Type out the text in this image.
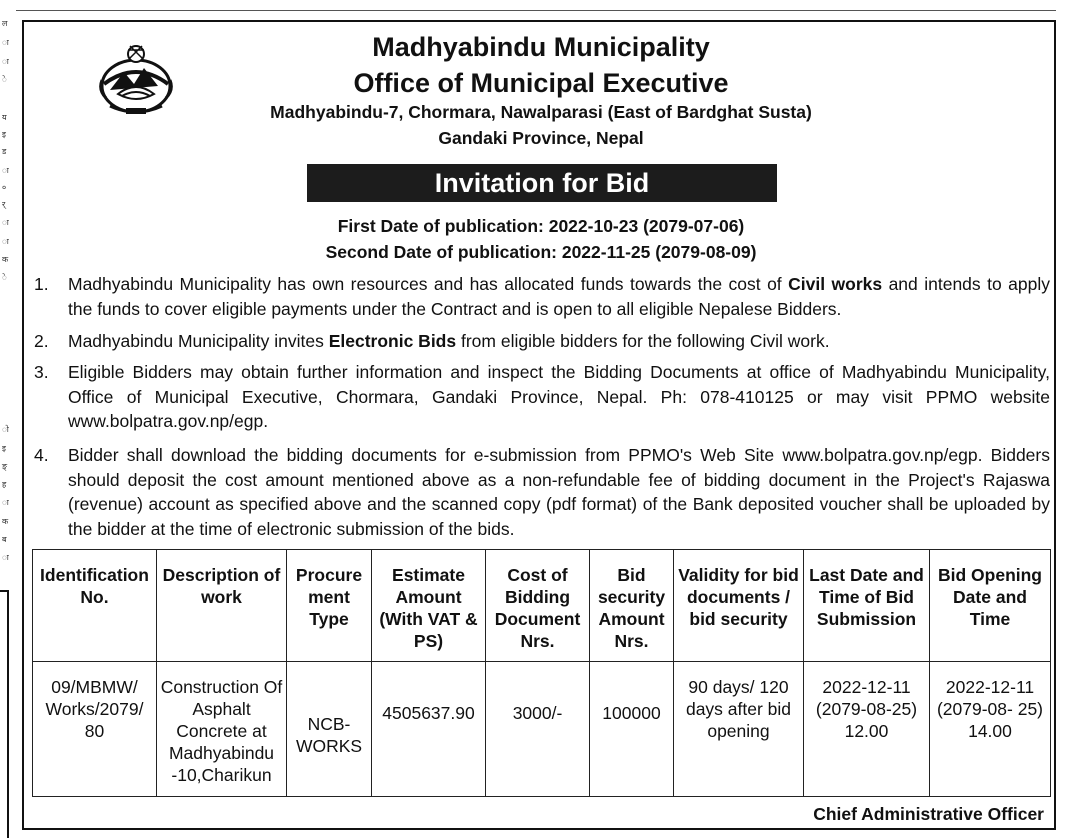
ल
ा
ा
े
य
इ
ड
ा
०
र्
ा
ा
क
े
ो
इ
ङ्
ह
ा
क
ब
ा
Madhyabindu Municipality
Office of Municipal Executive
Madhyabindu-7, Chormara, Nawalparasi (East of Bardghat Susta)
Gandaki Province, Nepal
Invitation for Bid
First Date of publication: 2022-10-23 (2079-07-06)
Second Date of publication: 2022-11-25 (2079-08-09)
1. Madhyabindu Municipality has own resources and has allocated funds towards the cost of Civil works and intends to apply the funds to cover eligible payments under the Contract and is open to all eligible Nepalese Bidders.
2. Madhyabindu Municipality invites Electronic Bids from eligible bidders for the following Civil work.
3. Eligible Bidders may obtain further information and inspect the Bidding Documents at office of Madhyabindu Municipality, Office of Municipal Executive, Chormara, Gandaki Province, Nepal. Ph: 078-410125 or may visit PPMO website www.bolpatra.gov.np/egp.
4. Bidder shall download the bidding documents for e-submission from PPMO's Web Site www.bolpatra.gov.np/egp. Bidders should deposit the cost amount mentioned above as a non-refundable fee of bidding document in the Project's Rajaswa (revenue) account as specified above and the scanned copy (pdf format) of the Bank deposited voucher shall be uploaded by the bidder at the time of electronic submission of the bids.
Identification No.	Description of work	Procure ment Type	Estimate Amount (With VAT & PS)	Cost of Bidding Document Nrs.	Bid security Amount Nrs.	Validity for bid documents / bid security	Last Date and Time of Bid Submission	Bid Opening Date and Time
09/MBMW/ Works/2079/ 80	Construction Of Asphalt Concrete at Madhyabindu -10,Charikun	NCB- WORKS	4505637.90	3000/-	100000	90 days/ 120 days after bid opening	2022-12-11 (2079-08-25) 12.00	2022-12-11 (2079-08- 25) 14.00
Chief Administrative Officer
